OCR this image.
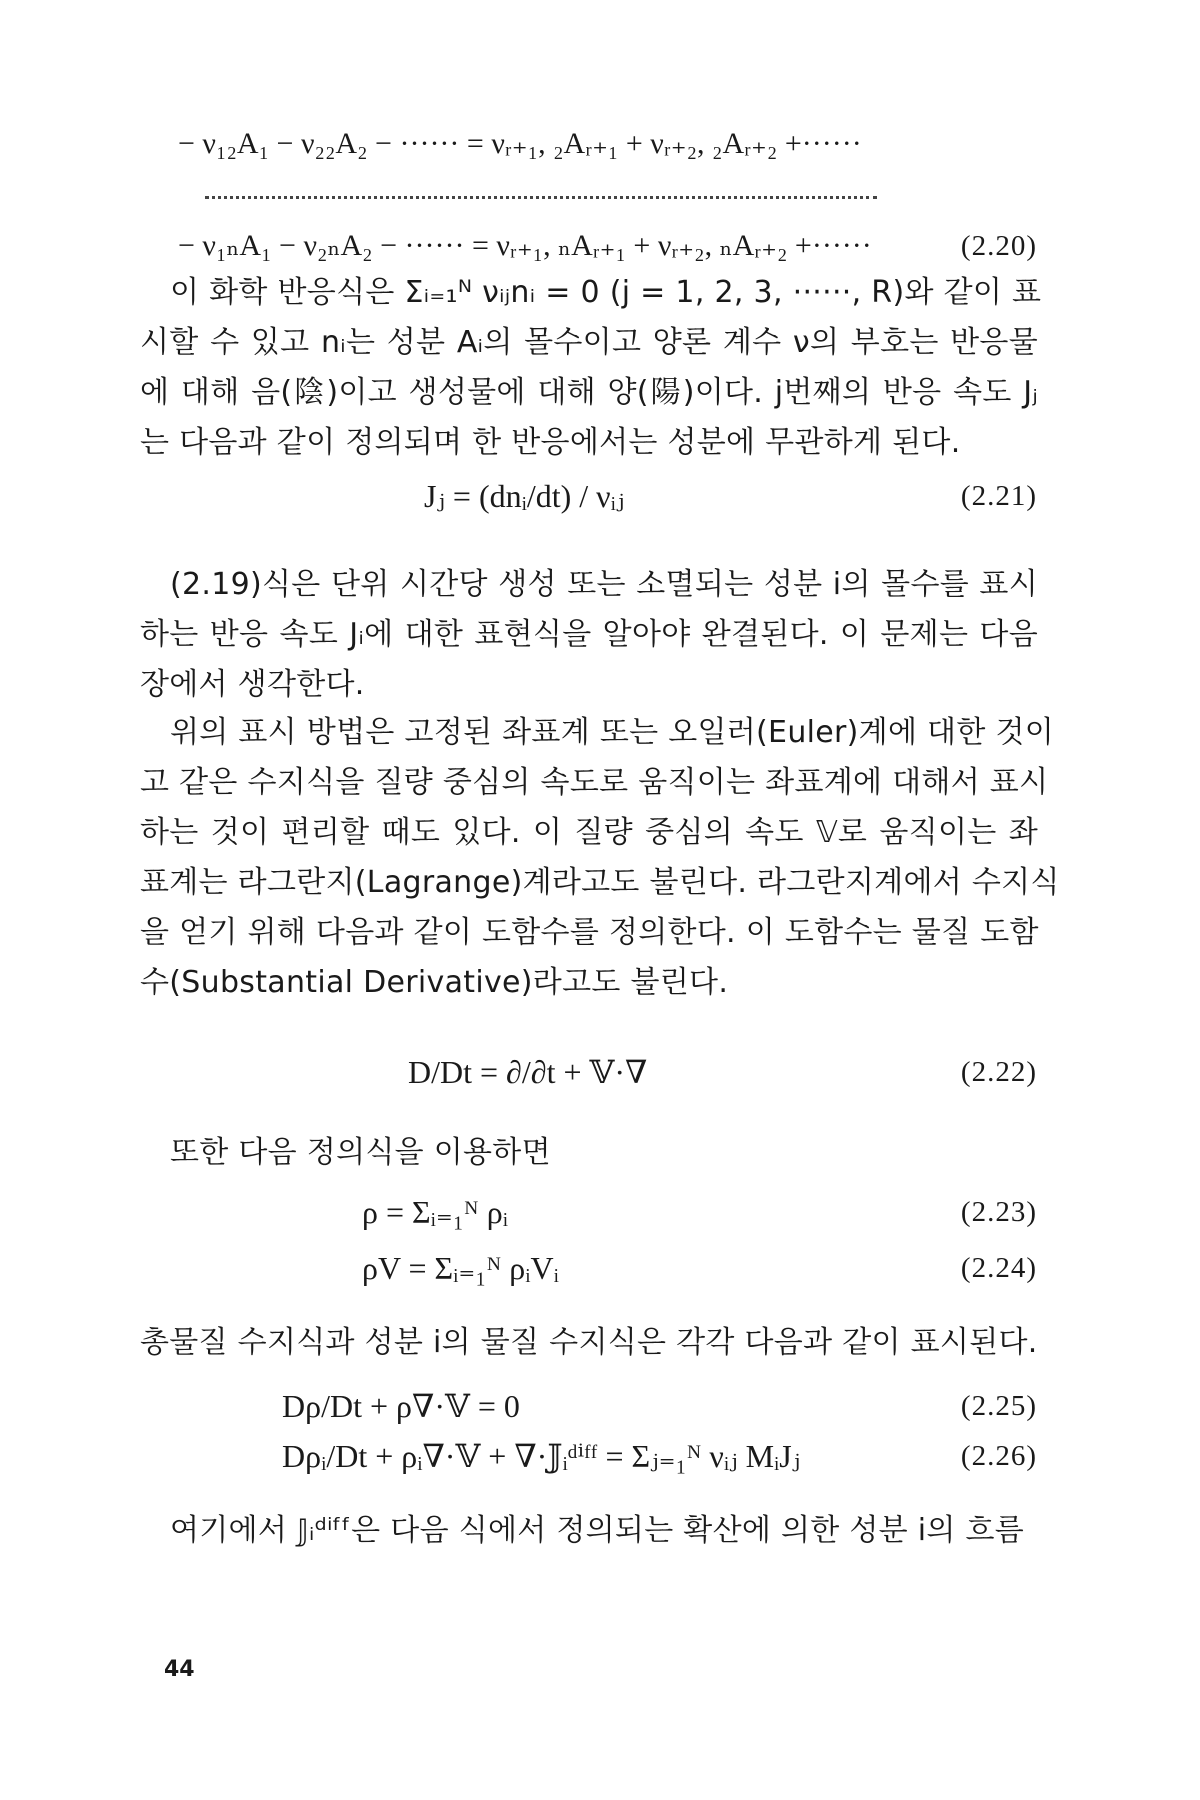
− ν₁₂A₁ − ν₂₂A₂ − ······ = νᵣ₊₁, ₂Aᵣ₊₁ + νᵣ₊₂, ₂Aᵣ₊₂ +······
− ν₁ₙA₁ − ν₂ₙA₂ − ······ = νᵣ₊₁, ₙAᵣ₊₁ + νᵣ₊₂, ₙAᵣ₊₂ +······	(2.20)
이 화학 반응식은 Σᵢ₌₁ᴺ νᵢⱼnᵢ = 0 (j = 1, 2, 3, ······, R)와 같이 표
시할 수 있고 nᵢ는 성분 Aᵢ의 몰수이고 양론 계수 ν의 부호는 반응물
에 대해 음(陰)이고 생성물에 대해 양(陽)이다. j번째의 반응 속도 Jⱼ
는 다음과 같이 정의되며 한 반응에서는 성분에 무관하게 된다.
Jⱼ = (dnᵢ/dt) / νᵢⱼ	(2.21)
(2.19)식은 단위 시간당 생성 또는 소멸되는 성분 i의 몰수를 표시
하는 반응 속도 Jᵢ에 대한 표현식을 알아야 완결된다. 이 문제는 다음
장에서 생각한다.
위의 표시 방법은 고정된 좌표계 또는 오일러(Euler)계에 대한 것이
고 같은 수지식을 질량 중심의 속도로 움직이는 좌표계에 대해서 표시
하는 것이 편리할 때도 있다. 이 질량 중심의 속도 𝕍로 움직이는 좌
표계는 라그란지(Lagrange)계라고도 불린다. 라그란지계에서 수지식
을 얻기 위해 다음과 같이 도함수를 정의한다. 이 도함수는 물질 도함
수(Substantial Derivative)라고도 불린다.
D/Dt = ∂/∂t + 𝕍·∇	(2.22)
또한 다음 정의식을 이용하면
ρ = Σᵢ₌₁ᴺ ρᵢ	(2.23)
ρV = Σᵢ₌₁ᴺ ρᵢVᵢ	(2.24)
총물질 수지식과 성분 i의 물질 수지식은 각각 다음과 같이 표시된다.
Dρ/Dt + ρ∇·𝕍 = 0	(2.25)
Dρᵢ/Dt + ρᵢ∇·𝕍 + ∇·𝕁ᵢᵈⁱᶠᶠ = Σⱼ₌₁ᴺ νᵢⱼ MᵢJⱼ	(2.26)
여기에서 𝕁ᵢᵈⁱᶠᶠ은 다음 식에서 정의되는 확산에 의한 성분 i의 흐름
44
